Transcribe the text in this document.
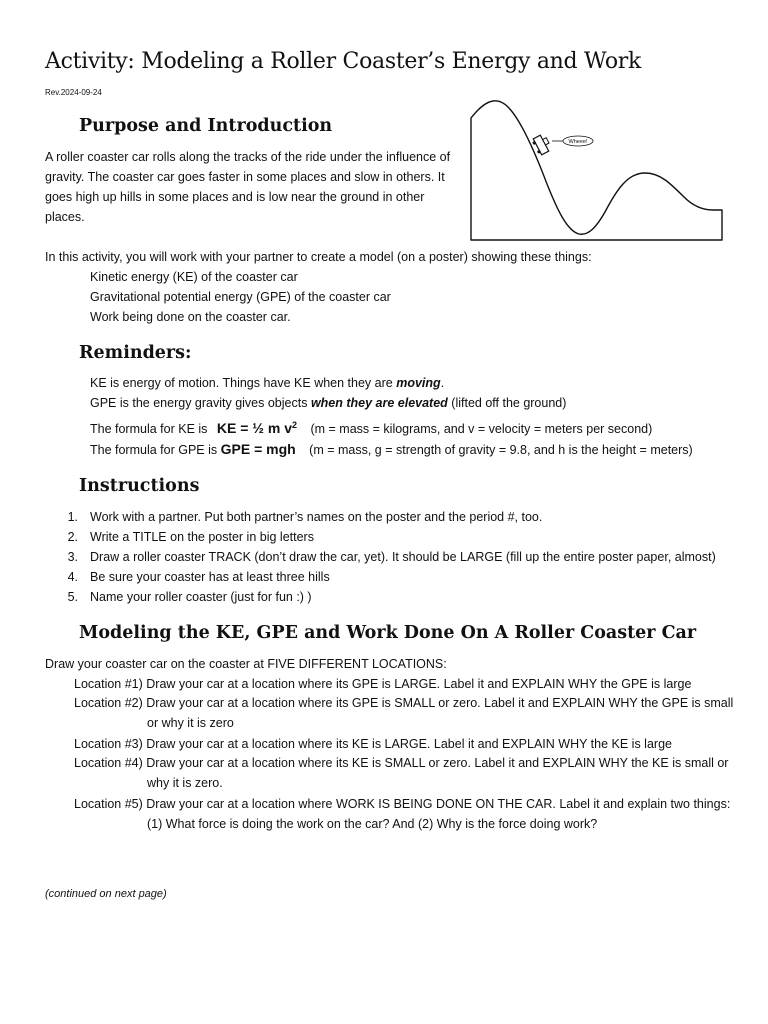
Activity: Modeling a Roller Coaster’s Energy and Work
Rev.2024-09-24
Purpose and Introduction
A roller coaster car rolls along the tracks of the ride under the influence of gravity. The coaster car goes faster in some places and slow in others. It goes high up hills in some places and is low near the ground in other places.
Wheee!
In this activity, you will work with your partner to create a model (on a poster) showing these things:
Kinetic energy (KE) of the coaster car
Gravitational potential energy (GPE) of the coaster car
Work being done on the coaster car.
Reminders:
KE is energy of motion. Things have KE when they are moving.
GPE is the energy gravity gives objects when they are elevated (lifted off the ground)
The formula for KE is KE = ½ m $v^2$ (m = mass = kilograms, and v = velocity = meters per second)
The formula for GPE is GPE = mgh (m = mass, g = strength of gravity = 9.8, and h is the height = meters)
Instructions
1. Work with a partner. Put both partner’s names on the poster and the period #, too.
2. Write a TITLE on the poster in big letters
3. Draw a roller coaster TRACK (don’t draw the car, yet). It should be LARGE (fill up the entire poster paper, almost)
4. Be sure your coaster has at least three hills
5. Name your roller coaster (just for fun :) )
Modeling the KE, GPE and Work Done On A Roller Coaster Car
Draw your coaster car on the coaster at FIVE DIFFERENT LOCATIONS:
Location #1) Draw your car at a location where its GPE is LARGE. Label it and EXPLAIN WHY the GPE is large
Location #2) Draw your car at a location where its GPE is SMALL or zero. Label it and EXPLAIN WHY the GPE is small
or why it is zero
Location #3) Draw your car at a location where its KE is LARGE. Label it and EXPLAIN WHY the KE is large
Location #4) Draw your car at a location where its KE is SMALL or zero. Label it and EXPLAIN WHY the KE is small or
why it is zero.
Location #5) Draw your car at a location where WORK IS BEING DONE ON THE CAR. Label it and explain two things:
(1) What force is doing the work on the car? And (2) Why is the force doing work?
(continued on next page)
